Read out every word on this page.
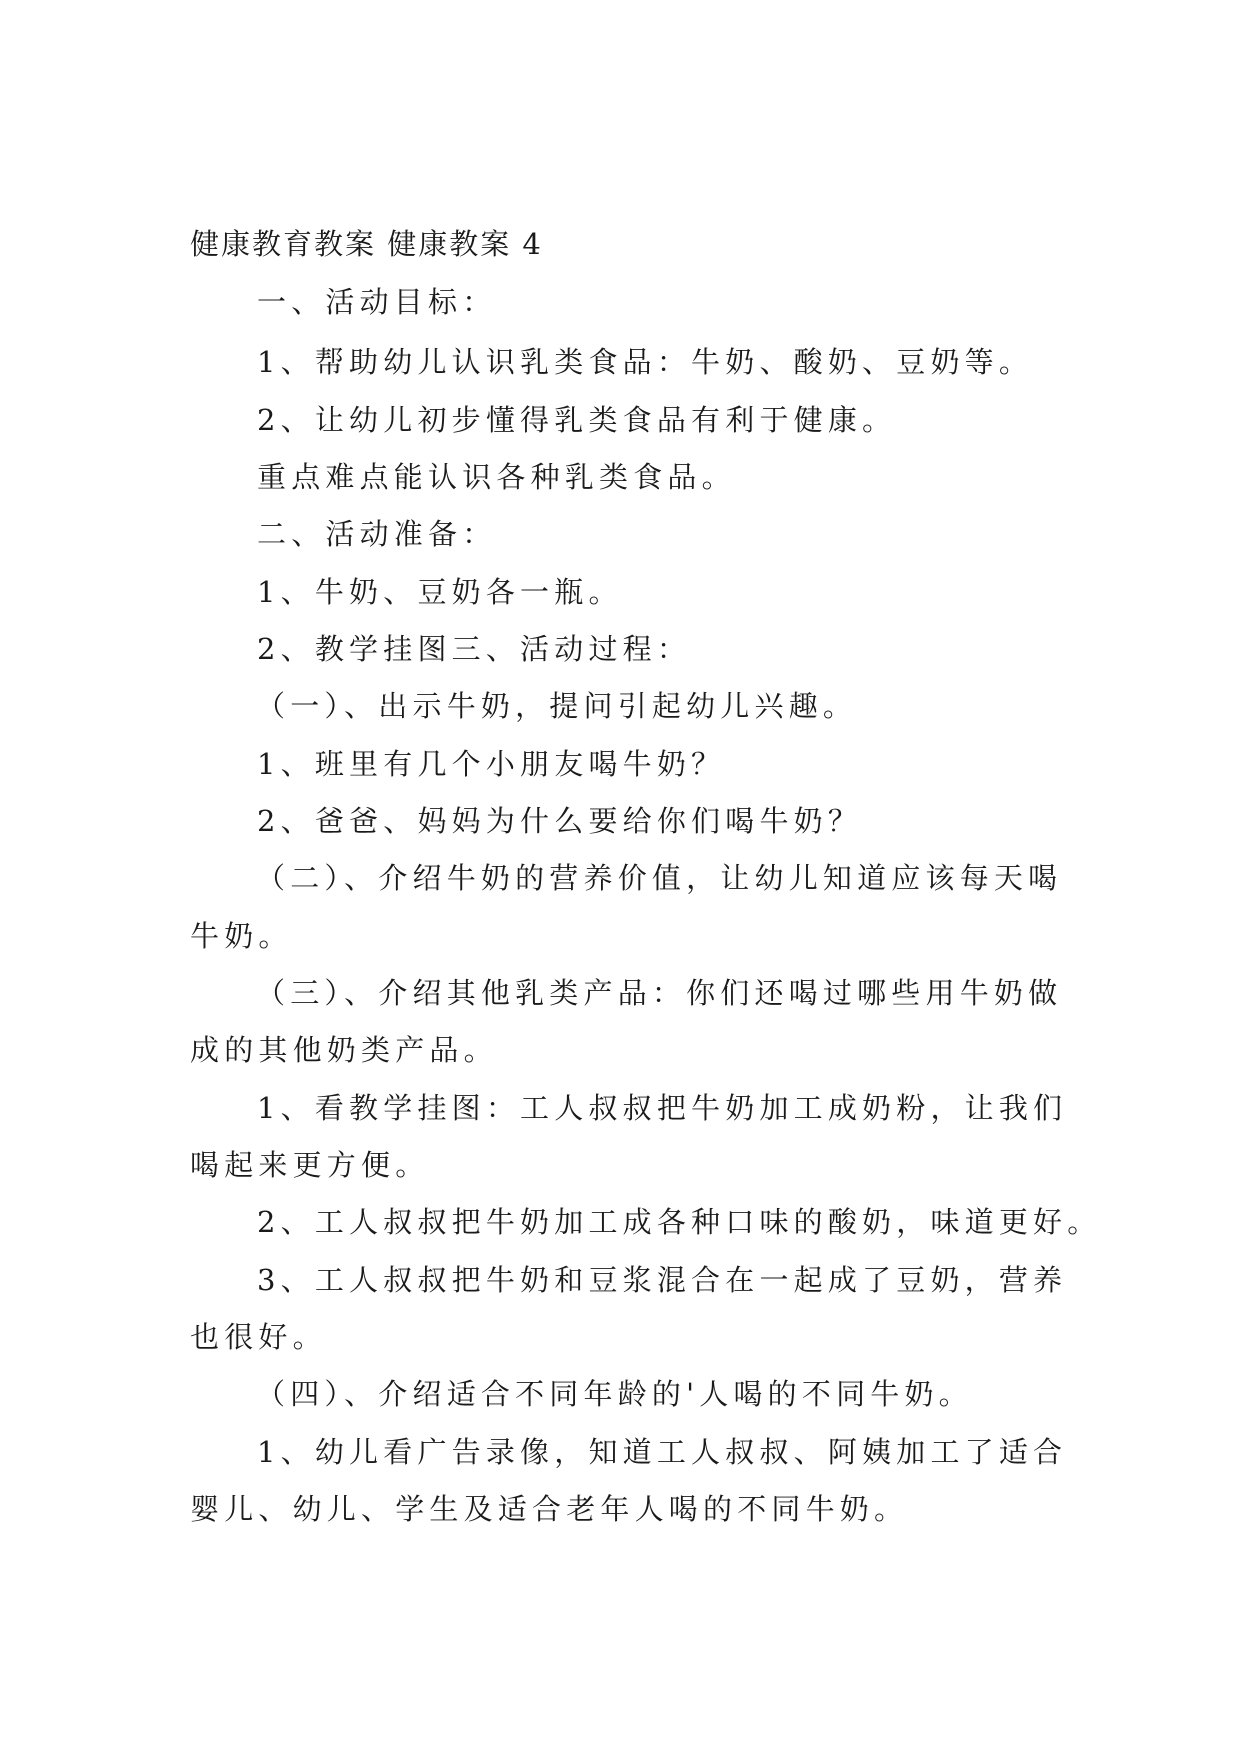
健康教育教案 健康教案 4
一、活动目标：
1、帮助幼儿认识乳类食品：牛奶、酸奶、豆奶等。
2、让幼儿初步懂得乳类食品有利于健康。
重点难点能认识各种乳类食品。
二、活动准备：
1、牛奶、豆奶各一瓶。
2、教学挂图三、活动过程：
（一）、出示牛奶，提问引起幼儿兴趣。
1、班里有几个小朋友喝牛奶？
2、爸爸、妈妈为什么要给你们喝牛奶？
（二）、介绍牛奶的营养价值，让幼儿知道应该每天喝
牛奶。
（三）、介绍其他乳类产品：你们还喝过哪些用牛奶做
成的其他奶类产品。
1、看教学挂图：工人叔叔把牛奶加工成奶粉，让我们
喝起来更方便。
2、工人叔叔把牛奶加工成各种口味的酸奶，味道更好。
3、工人叔叔把牛奶和豆浆混合在一起成了豆奶，营养
也很好。
（四）、介绍适合不同年龄的'人喝的不同牛奶。
1、幼儿看广告录像，知道工人叔叔、阿姨加工了适合
婴儿、幼儿、学生及适合老年人喝的不同牛奶。
